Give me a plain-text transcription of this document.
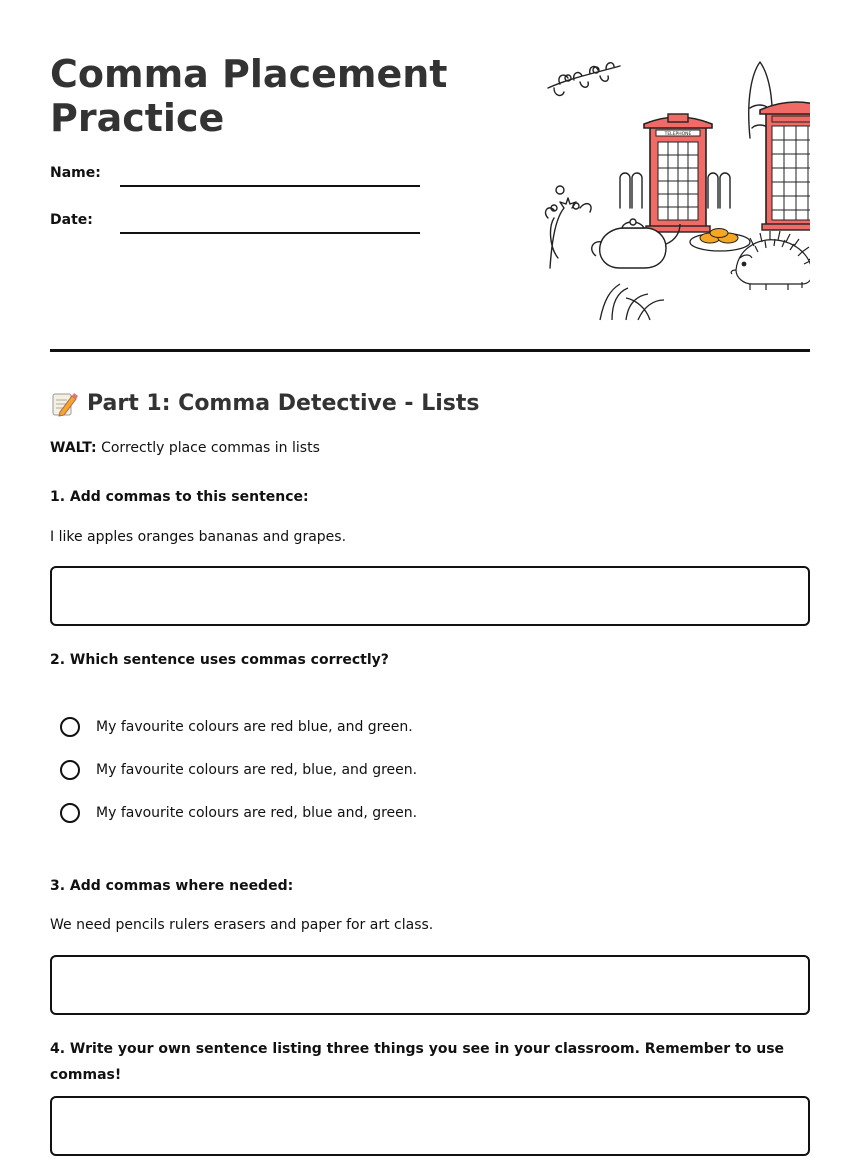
Comma Placement
Practice
Name:
Date:
TELEPHONE
Part 1: Comma Detective - Lists
WALT: Correctly place commas in lists
1. Add commas to this sentence:
I like apples oranges bananas and grapes.
2. Which sentence uses commas correctly?
My favourite colours are red blue, and green.
My favourite colours are red, blue, and green.
My favourite colours are red, blue and, green.
3. Add commas where needed:
We need pencils rulers erasers and paper for art class.
4. Write your own sentence listing three things you see in your classroom. Remember to use commas!
